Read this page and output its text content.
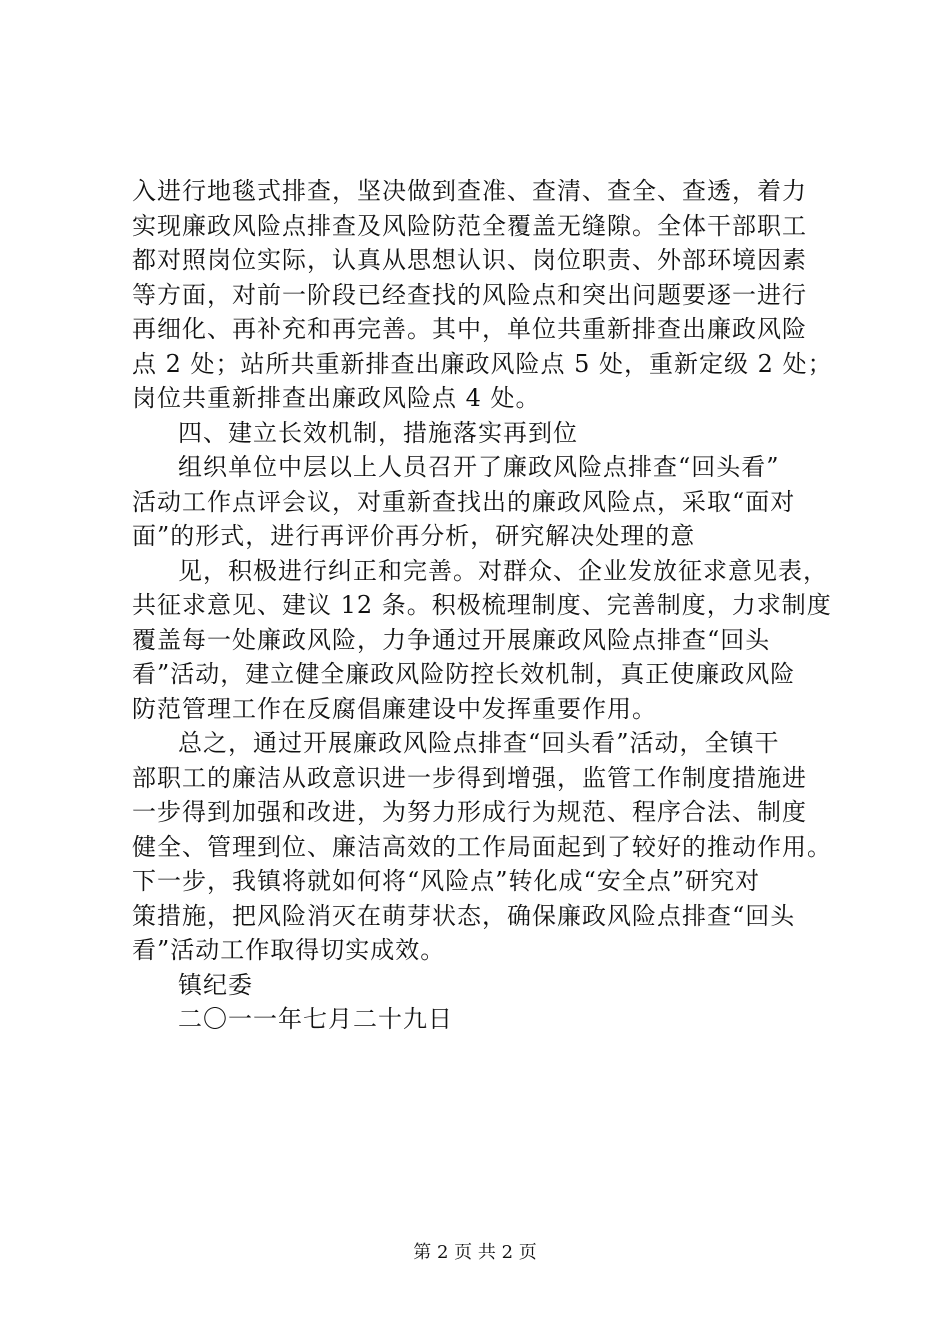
入进行地毯式排查，坚决做到查准、查清、查全、查透，着力
实现廉政风险点排查及风险防范全覆盖无缝隙。全体干部职工
都对照岗位实际，认真从思想认识、岗位职责、外部环境因素
等方面，对前一阶段已经查找的风险点和突出问题要逐一进行
再细化、再补充和再完善。其中，单位共重新排查出廉政风险
点 2 处；站所共重新排查出廉政风险点 5 处，重新定级 2 处；
岗位共重新排查出廉政风险点 4 处。
四、建立长效机制，措施落实再到位
组织单位中层以上人员召开了廉政风险点排查“回头看”
活动工作点评会议，对重新查找出的廉政风险点，采取“面对
面”的形式，进行再评价再分析，研究解决处理的意
见，积极进行纠正和完善。对群众、企业发放征求意见表，
共征求意见、建议 12 条。积极梳理制度、完善制度，力求制度
覆盖每一处廉政风险，力争通过开展廉政风险点排查“回头
看”活动，建立健全廉政风险防控长效机制，真正使廉政风险
防范管理工作在反腐倡廉建设中发挥重要作用。
总之，通过开展廉政风险点排查“回头看”活动，全镇干
部职工的廉洁从政意识进一步得到增强，监管工作制度措施进
一步得到加强和改进，为努力形成行为规范、程序合法、制度
健全、管理到位、廉洁高效的工作局面起到了较好的推动作用。
下一步，我镇将就如何将“风险点”转化成“安全点”研究对
策措施，把风险消灭在萌芽状态，确保廉政风险点排查“回头
看”活动工作取得切实成效。
镇纪委
二〇一一年七月二十九日
第 2 页 共 2 页
